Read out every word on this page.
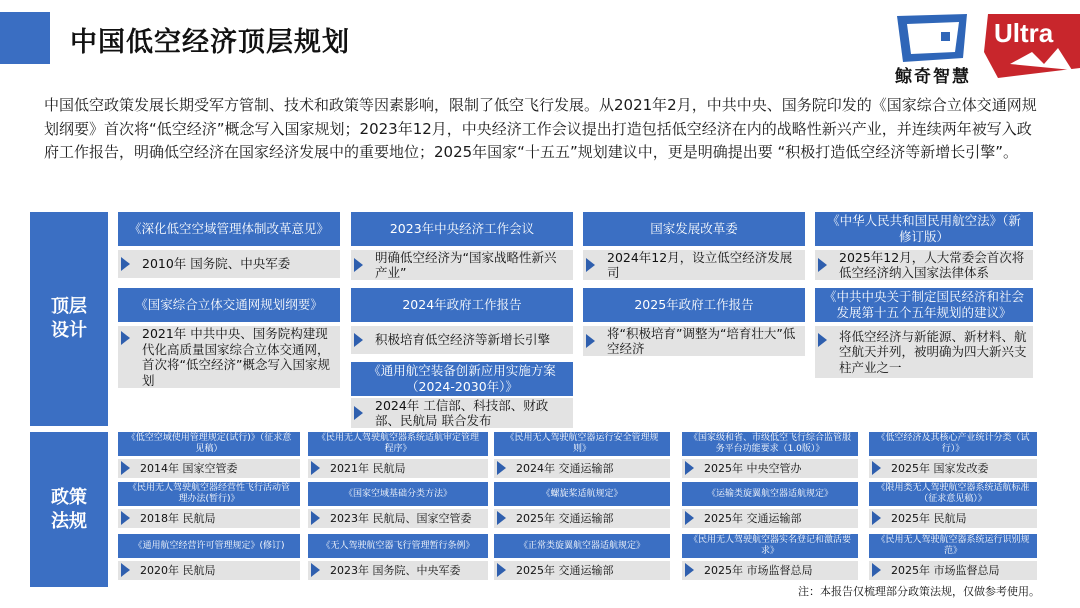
中国低空经济顶层规划
鲸奇智慧
Ultra
中国低空政策发展长期受军方管制、技术和政策等因素影响，限制了低空飞行发展。从2021年2月，中共中央、国务院印发的《国家综合立体交通网规划纲要》首次将“低空经济”概念写入国家规划；2023年12月，中央经济工作会议提出打造包括低空经济在内的战略性新兴产业，并连续两年被写入政府工作报告，明确低空经济在国家经济发展中的重要地位；2025年国家“十五五”规划建议中，更是明确提出要 “积极打造低空经济等新增长引擎”。
顶层
设计
政策
法规
《深化低空空域管理体制改革意见》
2010年 国务院、中央军委
《国家综合立体交通网规划纲要》
2021年 中共中央、国务院构建现代化高质量国家综合立体交通网，首次将“低空经济”概念写入国家规划
2023年中央经济工作会议
明确低空经济为“国家战略性新兴产业”
2024年政府工作报告
积极培育低空经济等新增长引擎
《通用航空装备创新应用实施方案（2024-2030年）》
2024年 工信部、科技部、财政部、民航局 联合发布
国家发展改革委
2024年12月，设立低空经济发展司
2025年政府工作报告
将“积极培育”调整为“培育壮大”低空经济
《中华人民共和国民用航空法》（新修订版）
2025年12月，人大常委会首次将低空经济纳入国家法律体系
《中共中央关于制定国民经济和社会发展第十五个五年规划的建议》
将低空经济与新能源、新材料、航空航天并列，被明确为四大新兴支柱产业之一
《低空空域使用管理规定(试行)》（征求意见稿）
2014年 国家空管委
《民用无人驾驶航空器系统适航审定管理程序》
2021年 民航局
《民用无人驾驶航空器运行安全管理规则》
2024年 交通运输部
《国家级和省、市级低空飞行综合监管服务平台功能要求（1.0版）》
2025年 中央空管办
《低空经济及其核心产业统计分类（试行）》
2025年 国家发改委
《民用无人驾驶航空器经营性飞行活动管理办法(暂行)》
2018年 民航局
《国家空域基础分类方法》
2023年 民航局、国家空管委
《螺旋桨适航规定》
2025年 交通运输部
《运输类旋翼航空器适航规定》
2025年 交通运输部
《限用类无人驾驶航空器系统适航标准（征求意见稿）》
2025年 民航局
《通用航空经营许可管理规定》(修订)
2020年 民航局
《无人驾驶航空器飞行管理暂行条例》
2023年 国务院、中央军委
《正常类旋翼航空器适航规定》
2025年 交通运输部
《民用无人驾驶航空器实名登记和激活要求》
2025年 市场监督总局
《民用无人驾驶航空器系统运行识别规范》
2025年 市场监督总局
注：本报告仅梳理部分政策法规，仅做参考使用。
